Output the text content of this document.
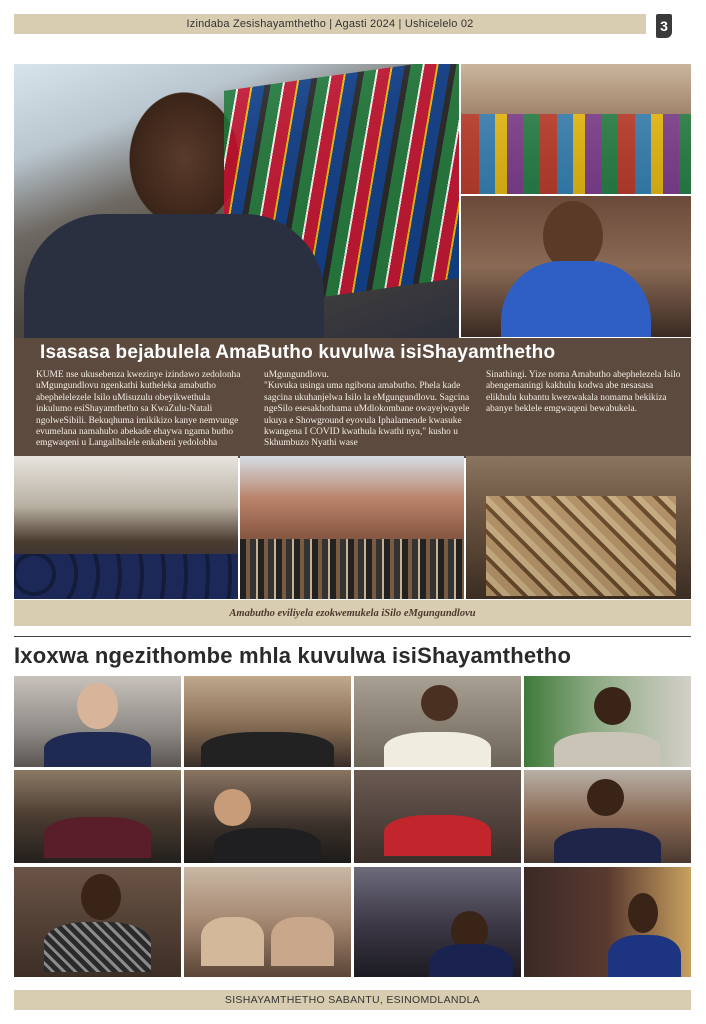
Izindaba Zesishayamthetho | Agasti 2024 | Ushicelelo 02	3
Isasasa bejabulela AmaButho kuvulwa isiShayamthetho
KUME nse ukusebenza kwezinye izindawo zedolonha uMgungundlovu ngenkathi kutheleka amabutho abephelelezele Isilo uMisuzulu obeyikwethula inkulumo esiShayamthetho sa KwaZulu-Natali ngolweSibili. Bekuqhuma imikikizo kanye nemvunge evumelana namahubo abekade ehaywa ngama butho emgwaqeni u Langalibalele enkabeni yedolobha
uMgungundlovu.
"Kuvuka usinga uma ngibona amabutho. Phela kade sagcina ukuhanjelwa Isilo la eMgungundlovu. Sagcina ngeSilo esesakhothama uMdlokombane owayejwayele ukuya e Showground eyovula Iphalamende kwasuke kwangena I COVID kwathula kwathi nya," kusho u Skhumbuzo Nyathi wase
Sinathingi. Yize noma Amabutho abephelezela Isilo abengemaningi kakhulu kodwa abe nesasasa elikhulu kubantu kwezwakala nomama bekikiza abanye beklele emgwaqeni bewabukela.
Amabutho eviliyela ezokwemukela iSilo eMgungundlovu
Ixoxwa ngezithombe mhla kuvulwa isiShayamthetho
SISHAYAMTHETHO SABANTU, ESINOMDLANDLA
